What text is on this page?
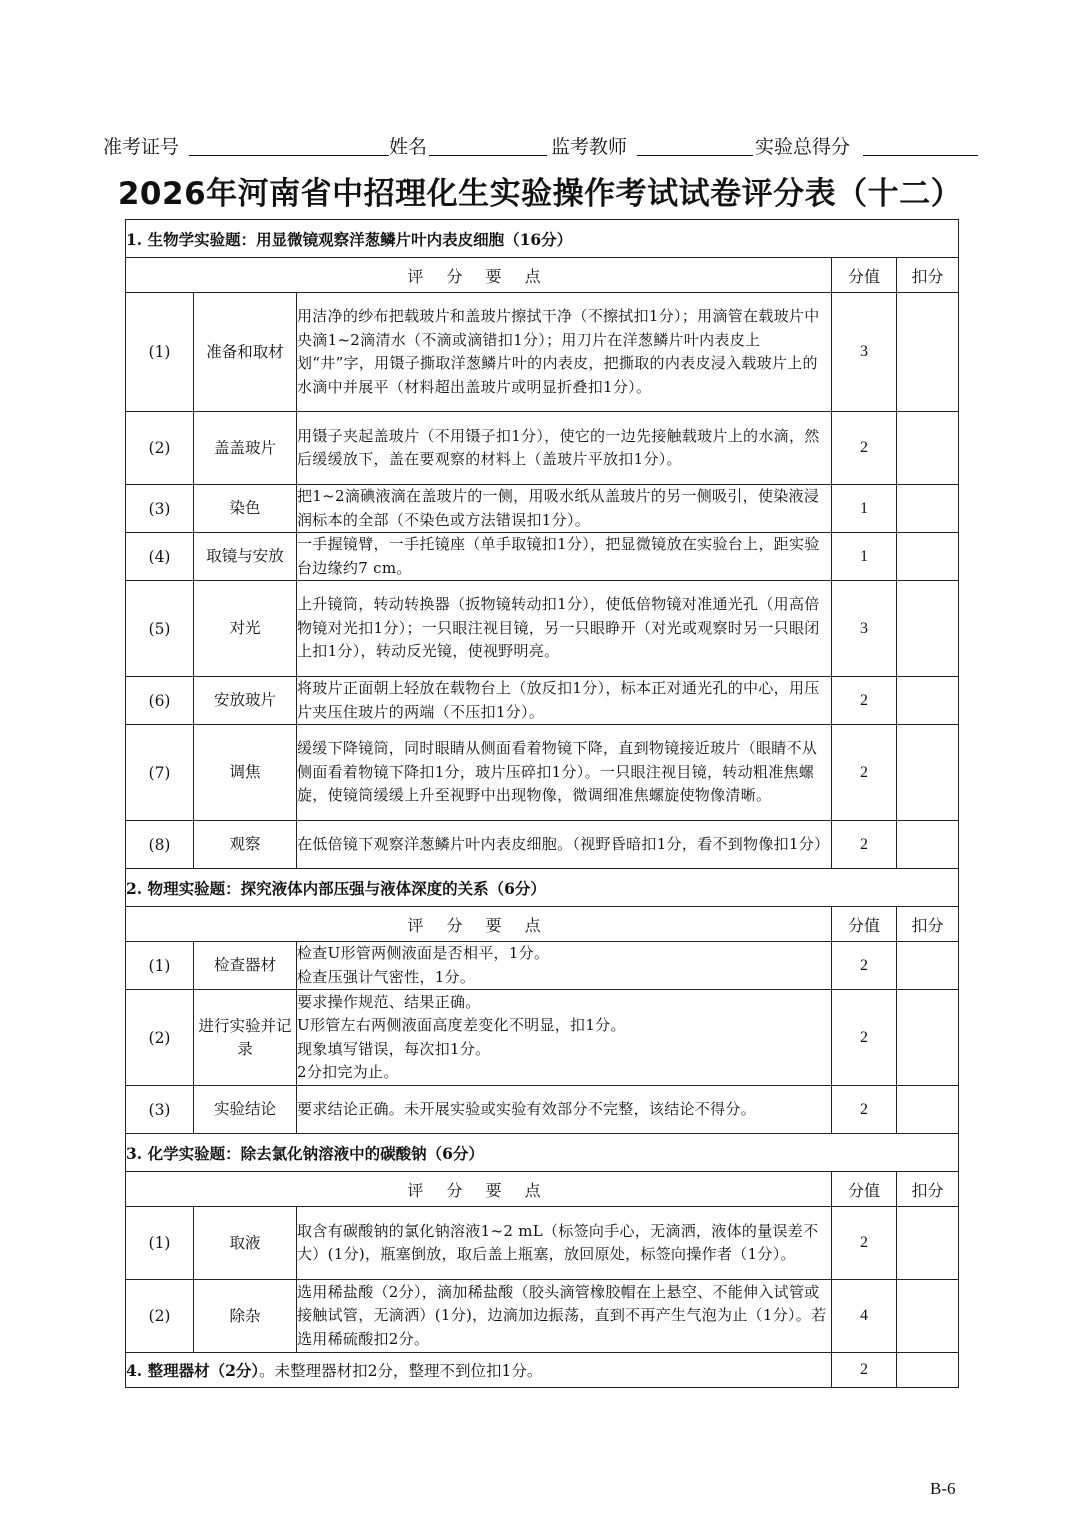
准考证号	姓名	监考教师	实验总得分
2026年河南省中招理化生实验操作考试试卷评分表（十二）
1. 生物学实验题：用显微镜观察洋葱鳞片叶内表皮细胞（16分）				
评 分 要 点			分值	扣分
(1)	准备和取材	用洁净的纱布把载玻片和盖玻片擦拭干净（不擦拭扣1分）；用滴管在载玻片中央滴1~2滴清水（不滴或滴错扣1分）；用刀片在洋葱鳞片叶内表皮上划“井”字，用镊子撕取洋葱鳞片叶的内表皮，把撕取的内表皮浸入载玻片上的水滴中并展平（材料超出盖玻片或明显折叠扣1分）。	3	
(2)	盖盖玻片	用镊子夹起盖玻片（不用镊子扣1分），使它的一边先接触载玻片上的水滴，然后缓缓放下，盖在要观察的材料上（盖玻片平放扣1分）。	2	
(3)	染色	把1~2滴碘液滴在盖玻片的一侧，用吸水纸从盖玻片的另一侧吸引，使染液浸润标本的全部（不染色或方法错误扣1分）。	1	
(4)	取镜与安放	一手握镜臂，一手托镜座（单手取镜扣1分），把显微镜放在实验台上，距实验台边缘约7 cm。	1	
(5)	对光	上升镜筒，转动转换器（扳物镜转动扣1分），使低倍物镜对准通光孔（用高倍物镜对光扣1分）；一只眼注视目镜，另一只眼睁开（对光或观察时另一只眼闭上扣1分），转动反光镜，使视野明亮。	3	
(6)	安放玻片	将玻片正面朝上轻放在载物台上（放反扣1分），标本正对通光孔的中心，用压片夹压住玻片的两端（不压扣1分）。	2	
(7)	调焦	缓缓下降镜筒，同时眼睛从侧面看着物镜下降，直到物镜接近玻片（眼睛不从侧面看着物镜下降扣1分，玻片压碎扣1分）。一只眼注视目镜，转动粗准焦螺旋，使镜筒缓缓上升至视野中出现物像，微调细准焦螺旋使物像清晰。	2	
(8)	观察	在低倍镜下观察洋葱鳞片叶内表皮细胞。（视野昏暗扣1分，看不到物像扣1分）	2	
2. 物理实验题：探究液体内部压强与液体深度的关系（6分）				
评 分 要 点			分值	扣分
(1)	检查器材	检查U形管两侧液面是否相平，1分。
检查压强计气密性，1分。	2	
(2)	进行实验并记录	要求操作规范、结果正确。
U形管左右两侧液面高度差变化不明显，扣1分。
现象填写错误，每次扣1分。
2分扣完为止。	2	
(3)	实验结论	要求结论正确。未开展实验或实验有效部分不完整，该结论不得分。	2	
3. 化学实验题：除去氯化钠溶液中的碳酸钠（6分）				
评 分 要 点			分值	扣分
(1)	取液	取含有碳酸钠的氯化钠溶液1~2 mL（标签向手心，无滴洒，液体的量误差不大）(1分)，瓶塞倒放，取后盖上瓶塞，放回原处，标签向操作者（1分）。	2	
(2)	除杂	选用稀盐酸（2分），滴加稀盐酸（胶头滴管橡胶帽在上悬空、不能伸入试管或接触试管，无滴洒）(1分)，边滴加边振荡，直到不再产生气泡为止（1分）。若选用稀硫酸扣2分。	4	
4. 整理器材（2分）。未整理器材扣2分，整理不到位扣1分。			2	
B-6
